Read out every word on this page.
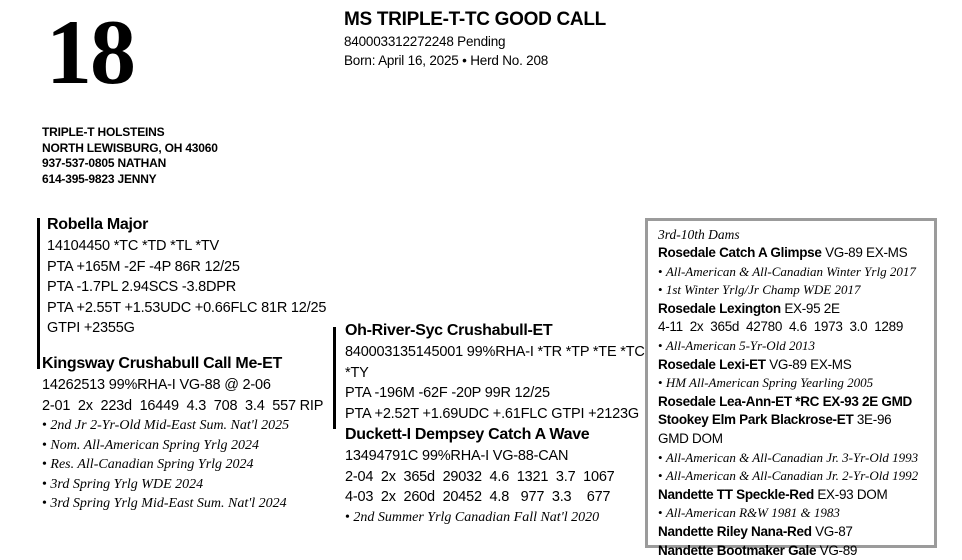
18	MS TRIPLE-T-TC GOOD CALL
840003312272248 Pending
Born: April 16, 2025 • Herd No. 208
TRIPLE-T HOLSTEINS
NORTH LEWISBURG, OH 43060
937-537-0805 NATHAN
614-395-9823 JENNY
Robella Major
14104450 *TC *TD *TL *TV
PTA +165M -2F -4P 86R 12/25
PTA -1.7PL 2.94SCS -3.8DPR
PTA +2.55T +1.53UDC +0.66FLC 81R 12/25
GTPI +2355G
Kingsway Crushabull Call Me-ET
14262513 99%RHA-I VG-88 @ 2-06
2-01  2x  223d  16449  4.3  708  3.4  557 RIP
• 2nd Jr 2-Yr-Old Mid-East Sum. Nat'l 2025
• Nom. All-American Spring Yrlg 2024
• Res. All-Canadian Spring Yrlg 2024
• 3rd Spring Yrlg WDE 2024
• 3rd Spring Yrlg Mid-East Sum. Nat'l 2024
Oh-River-Syc Crushabull-ET
840003135145001 99%RHA-I *TR *TP *TE *TC *TY
PTA -196M -62F -20P 99R 12/25
PTA +2.52T +1.69UDC +.61FLC GTPI +2123G
Duckett-I Dempsey Catch A Wave
13494791C 99%RHA-I VG-88-CAN
2-04  2x  365d  29032  4.6  1321  3.7  1067
4-03  2x  260d  20452  4.8   977  3.3    677
• 2nd Summer Yrlg Canadian Fall Nat'l 2020
3rd-10th Dams
Rosedale Catch A Glimpse VG-89 EX-MS
• All-American & All-Canadian Winter Yrlg 2017
• 1st Winter Yrlg/Jr Champ WDE 2017
Rosedale Lexington EX-95 2E
4-11  2x  365d  42780  4.6  1973  3.0  1289
• All-American 5-Yr-Old 2013
Rosedale Lexi-ET VG-89 EX-MS
• HM All-American Spring Yearling 2005
Rosedale Lea-Ann-ET *RC EX-93 2E GMD
Stookey Elm Park Blackrose-ET 3E-96 GMD DOM
• All-American & All-Canadian Jr. 3-Yr-Old 1993
• All-American & All-Canadian Jr. 2-Yr-Old 1992
Nandette TT Speckle-Red EX-93 DOM
• All-American R&W 1981 & 1983
Nandette Riley Nana-Red VG-87
Nandette Bootmaker Gale VG-89
